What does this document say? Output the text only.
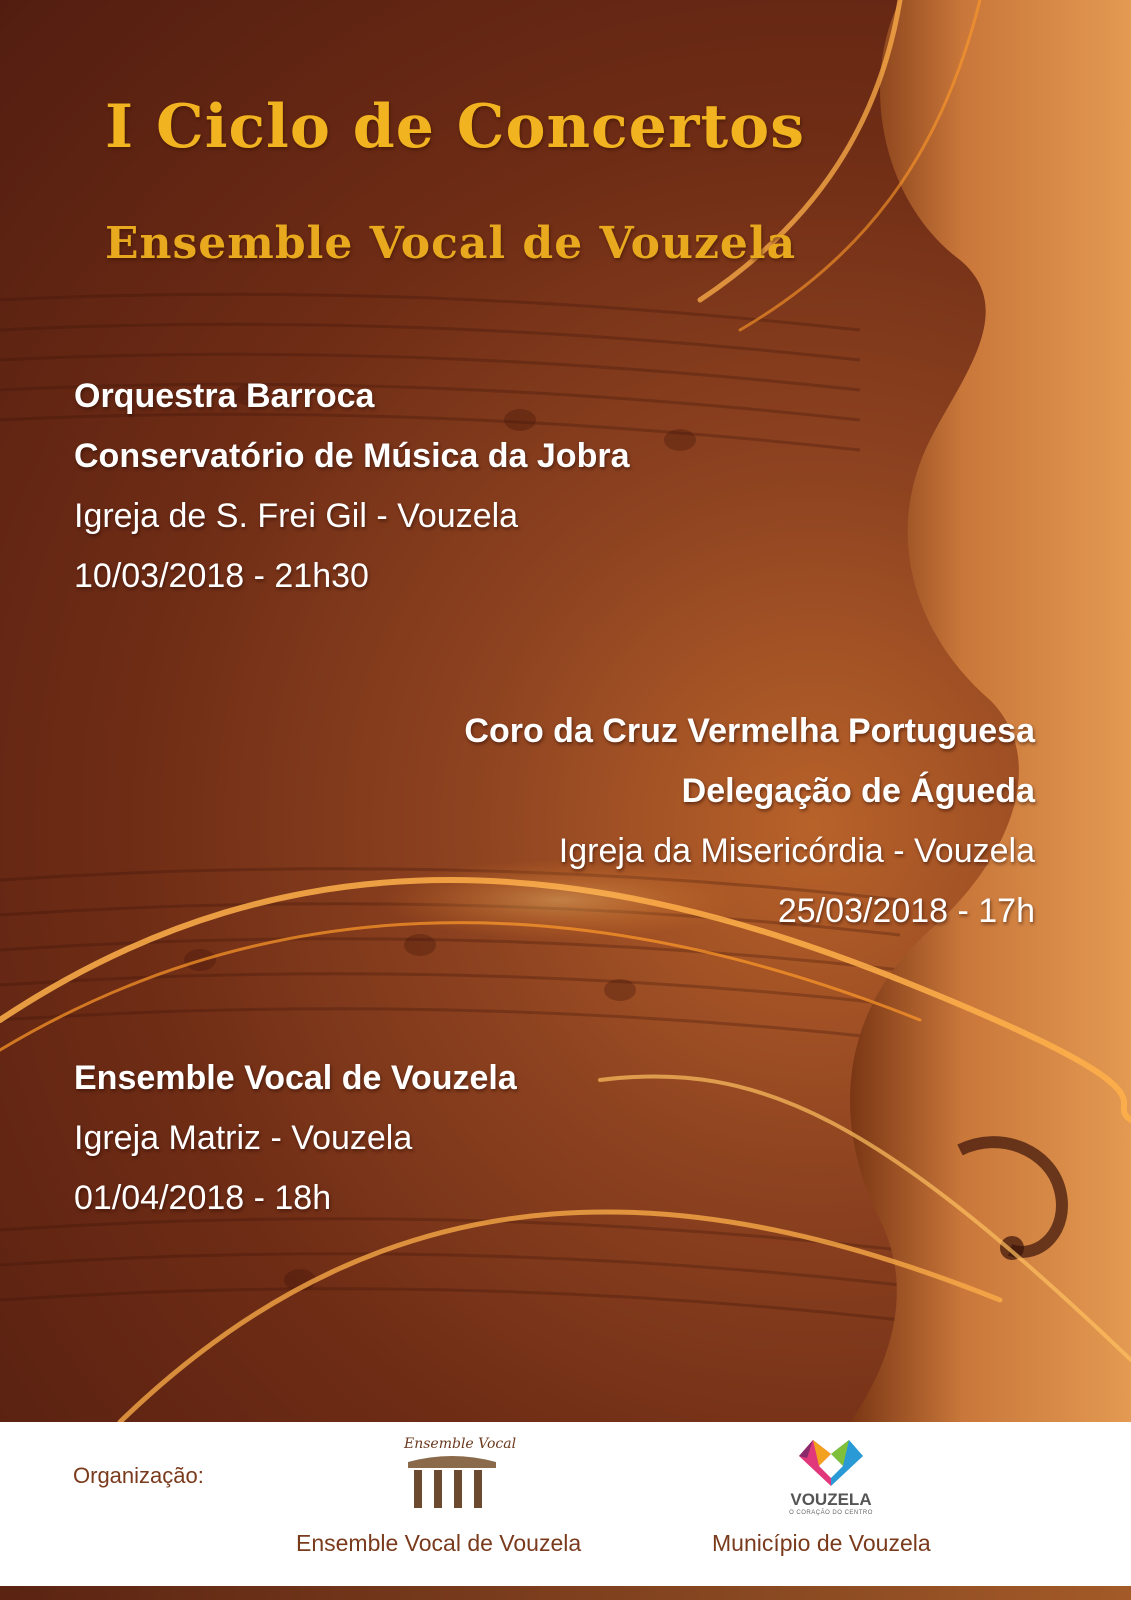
I Ciclo de Concertos
Ensemble Vocal de Vouzela
Orquestra Barroca
Conservatório de Música da Jobra
Igreja de S. Frei Gil - Vouzela
10/03/2018 - 21h30
Coro da Cruz Vermelha Portuguesa
Delegação de Águeda
Igreja da Misericórdia - Vouzela
25/03/2018 - 17h
Ensemble Vocal de Vouzela
Igreja Matriz - Vouzela
01/04/2018 - 18h
Organização:
Ensemble Vocal
Ensemble Vocal de Vouzela
VOUZELA
O CORAÇÃO DO CENTRO
Município de Vouzela
